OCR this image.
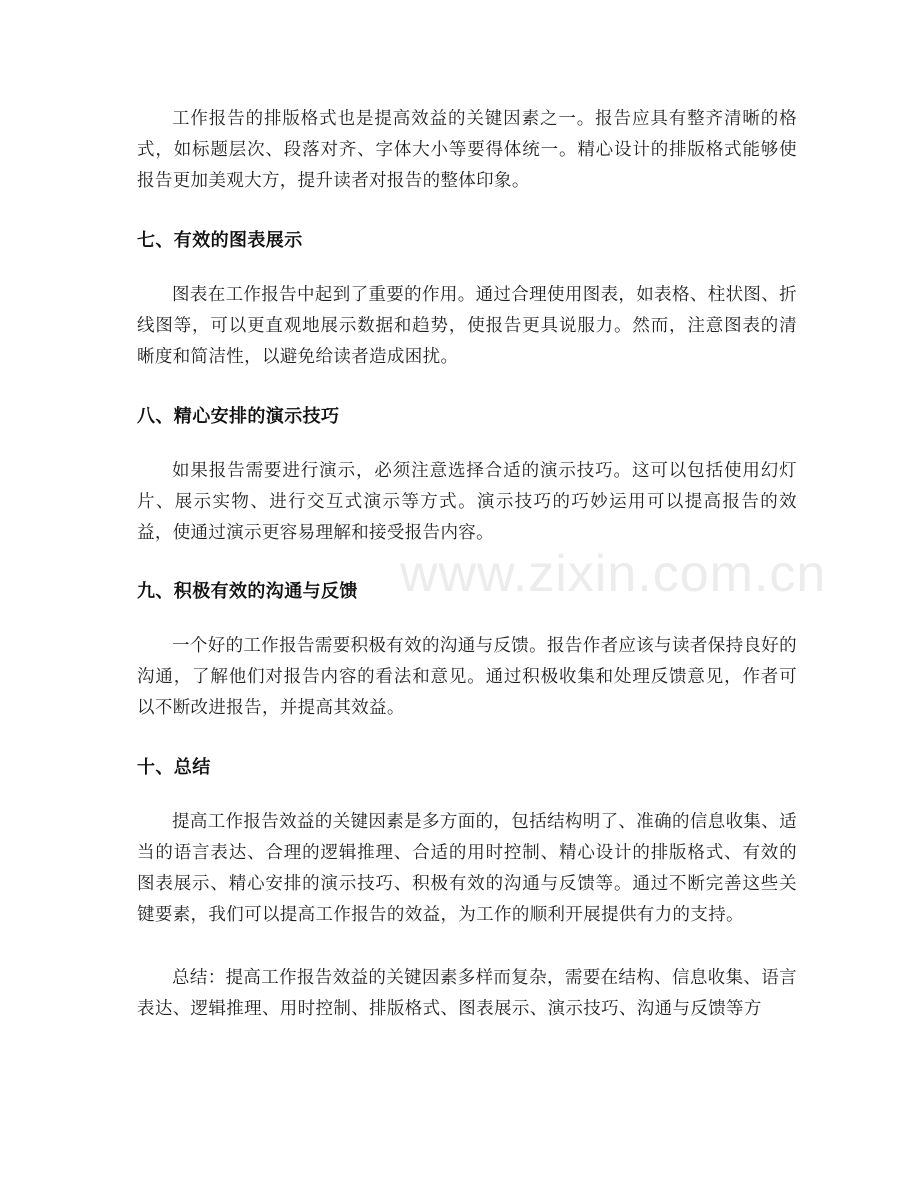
工作报告的排版格式也是提高效益的关键因素之一。报告应具有整齐清晰的格式，如标题层次、段落对齐、字体大小等要得体统一。精心设计的排版格式能够使报告更加美观大方，提升读者对报告的整体印象。

七、有效的图表展示

图表在工作报告中起到了重要的作用。通过合理使用图表，如表格、柱状图、折线图等，可以更直观地展示数据和趋势，使报告更具说服力。然而，注意图表的清晰度和简洁性，以避免给读者造成困扰。

八、精心安排的演示技巧

如果报告需要进行演示，必须注意选择合适的演示技巧。这可以包括使用幻灯片、展示实物、进行交互式演示等方式。演示技巧的巧妙运用可以提高报告的效益，使通过演示更容易理解和接受报告内容。

九、积极有效的沟通与反馈

一个好的工作报告需要积极有效的沟通与反馈。报告作者应该与读者保持良好的沟通，了解他们对报告内容的看法和意见。通过积极收集和处理反馈意见，作者可以不断改进报告，并提高其效益。

十、总结

提高工作报告效益的关键因素是多方面的，包括结构明了、准确的信息收集、适当的语言表达、合理的逻辑推理、合适的用时控制、精心设计的排版格式、有效的图表展示、精心安排的演示技巧、积极有效的沟通与反馈等。通过不断完善这些关键要素，我们可以提高工作报告的效益，为工作的顺利开展提供有力的支持。

总结：提高工作报告效益的关键因素多样而复杂，需要在结构、信息收集、语言表达、逻辑推理、用时控制、排版格式、图表展示、演示技巧、沟通与反馈等方

www.zixin.com.cn
